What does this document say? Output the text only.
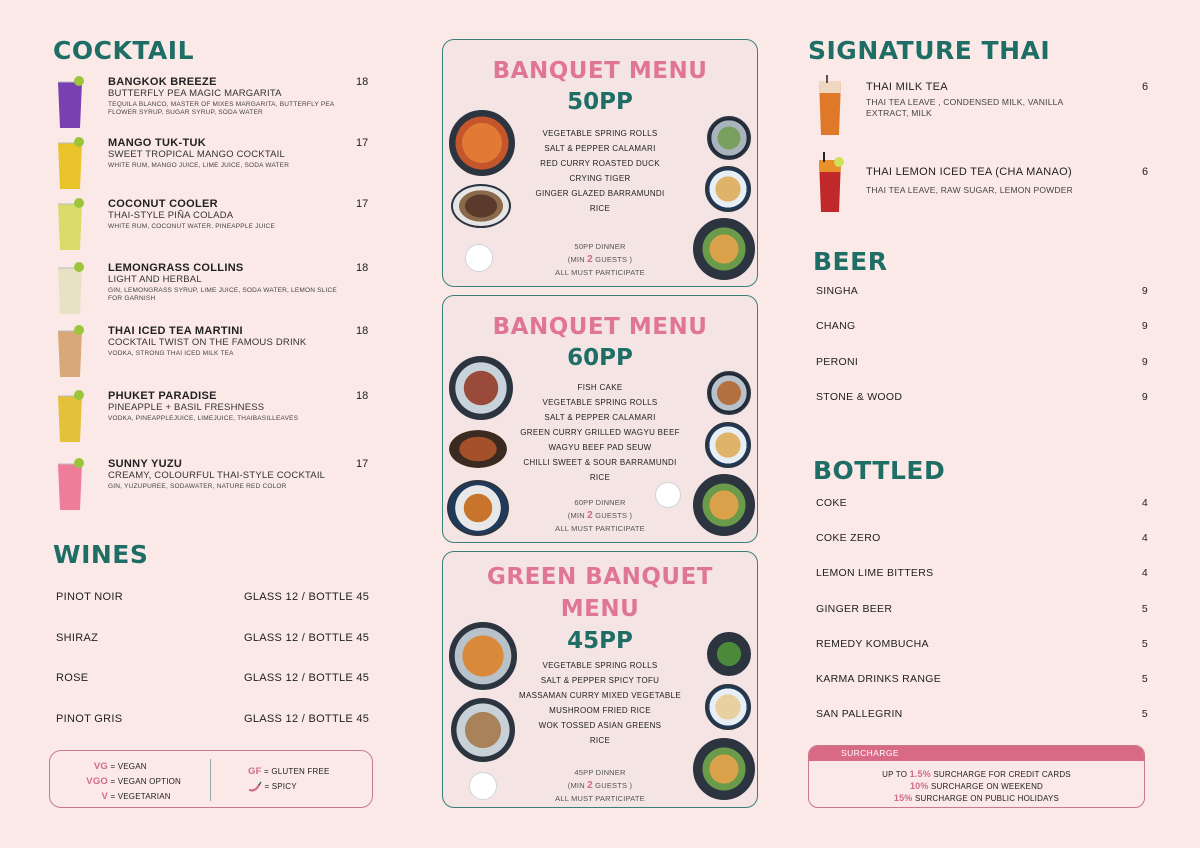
COCKTAIL
BANGKOK BREEZE
BUTTERFLY PEA MAGIC MARGARITA
TEQUILA BLANCO, MASTER OF MIXES MARGARITA, BUTTERFLY PEA FLOWER SYRUP, SUGAR SYRUP, SODA WATER
18
MANGO TUK-TUK
SWEET TROPICAL MANGO COCKTAIL
WHITE RUM, MANGO JUICE, LIME JUICE, SODA WATER
17
COCONUT COOLER
THAI-STYLE PIÑA COLADA
WHITE RUM, COCONUT WATER, PINEAPPLE JUICE
17
LEMONGRASS COLLINS
LIGHT AND HERBAL
GIN, LEMONGRASS SYRUP, LIME JUICE, SODA WATER, LEMON SLICE FOR GARNISH
18
THAI ICED TEA MARTINI
COCKTAIL TWIST ON THE FAMOUS DRINK
VODKA, STRONG THAI ICED MILK TEA
18
PHUKET PARADISE
PINEAPPLE + BASIL FRESHNESS
VODKA, PINEAPPLEJUICE, LIMEJUICE, THAIBASILLEAVES
18
SUNNY YUZU
CREAMY, COLOURFUL THAI-STYLE COCKTAIL
GIN, YUZUPUREE, SODAWATER, NATURE RED COLOR
17
WINES
PINOT NOIR	GLASS 12 / BOTTLE 45
SHIRAZ	GLASS 12 / BOTTLE 45
ROSE	GLASS 12 / BOTTLE 45
PINOT GRIS	GLASS 12 / BOTTLE 45
VG = VEGAN
VGO = VEGAN OPTION
V = VEGETARIAN
GF = GLUTEN FREE
= SPICY
BANQUET MENU
50PP
VEGETABLE SPRING ROLLS
SALT & PEPPER CALAMARI
RED CURRY ROASTED DUCK
CRYING TIGER
GINGER GLAZED BARRAMUNDI
RICE
50PP DINNER
(MIN 2 GUESTS )
ALL MUST PARTICIPATE
BANQUET MENU
60PP
FISH CAKE
VEGETABLE SPRING ROLLS
SALT & PEPPER CALAMARI
GREEN CURRY GRILLED WAGYU BEEF
WAGYU BEEF PAD SEUW
CHILLI SWEET & SOUR BARRAMUNDI
RICE
60PP DINNER
(MIN 2 GUESTS )
ALL MUST PARTICIPATE
GREEN BANQUET
MENU
45PP
VEGETABLE SPRING ROLLS
SALT & PEPPER SPICY TOFU
MASSAMAN CURRY MIXED VEGETABLE
MUSHROOM FRIED RICE
WOK TOSSED ASIAN GREENS
RICE
45PP DINNER
(MIN 2 GUESTS )
ALL MUST PARTICIPATE
SIGNATURE THAI
THAI MILK TEA
THAI TEA LEAVE , CONDENSED MILK, VANILLA EXTRACT, MILK
6
THAI LEMON ICED TEA (CHA MANAO)
THAI TEA LEAVE, RAW SUGAR, LEMON POWDER
6
BEER
SINGHA	9
CHANG	9
PERONI	9
STONE & WOOD	9
BOTTLED
COKE	4
COKE ZERO	4
LEMON LIME BITTERS	4
GINGER BEER	5
REMEDY KOMBUCHA	5
KARMA DRINKS RANGE	5
SAN PALLEGRIN	5
SURCHARGE
UP TO 1.5% SURCHARGE FOR CREDIT CARDS
10% SURCHARGE ON WEEKEND
15% SURCHARGE ON PUBLIC HOLIDAYS
